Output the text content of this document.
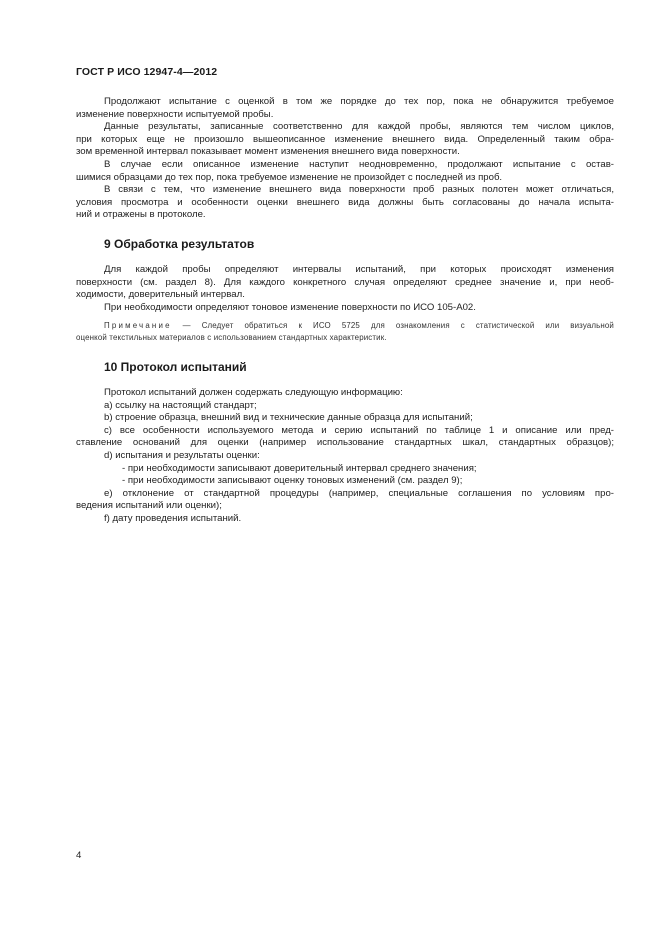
ГОСТ Р ИСО 12947-4—2012

Продолжают испытание с оценкой в том же порядке до тех пор, пока не обнаружится требуемое

изменение поверхности испытуемой пробы.

Данные результаты, записанные соответственно для каждой пробы, являются тем числом циклов,

при которых еще не произошло вышеописанное изменение внешнего вида. Определенный таким обра-

зом временной интервал показывает момент изменения внешнего вида поверхности.

В случае если описанное изменение наступит неодновременно, продолжают испытание с остав-

шимися образцами до тех пор, пока требуемое изменение не произойдет с последней из проб.

В связи с тем, что изменение внешнего вида поверхности проб разных полотен может отличаться,

условия просмотра и особенности оценки внешнего вида должны быть согласованы до начала испыта-

ний и отражены в протоколе.

9 Обработка результатов

Для каждой пробы определяют интервалы испытаний, при которых происходят изменения

поверхности (см. раздел 8). Для каждого конкретного случая определяют среднее значение и, при необ-

ходимости, доверительный интервал.

При необходимости определяют тоновое изменение поверхности по ИСО 105-А02.

Примечание — Следует обратиться к ИСО 5725 для ознакомления с статистической или визуальной

оценкой текстильных материалов с использованием стандартных характеристик.

10 Протокол испытаний

Протокол испытаний должен содержать следующую информацию:

a) ссылку на настоящий стандарт;

b) строение образца, внешний вид и технические данные образца для испытаний;

c) все особенности используемого метода и серию испытаний по таблице 1 и описание или пред-

ставление оснований для оценки (например использование стандартных шкал, стандартных образцов);

d) испытания и результаты оценки:

- при необходимости записывают доверительный интервал среднего значения;

- при необходимости записывают оценку тоновых изменений (см. раздел 9);

e) отклонение от стандартной процедуры (например, специальные соглашения по условиям про-

ведения испытаний или оценки);

f) дату проведения испытаний.

4
